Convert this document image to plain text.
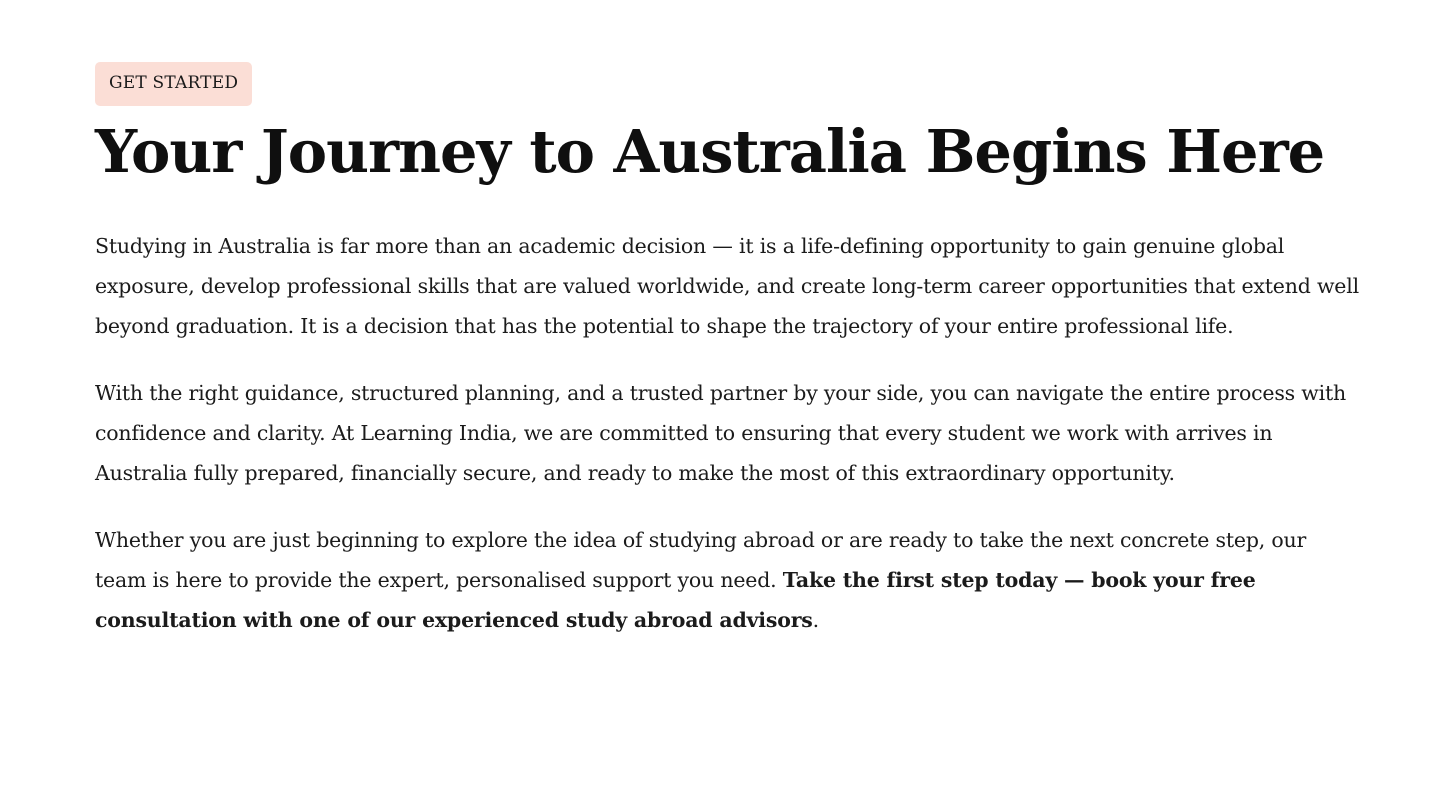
GET STARTED
Your Journey to Australia Begins Here

Studying in Australia is far more than an academic decision — it is a life-defining opportunity to gain genuine global exposure, develop professional skills that are valued worldwide, and create long-term career opportunities that extend well beyond graduation. It is a decision that has the potential to shape the trajectory of your entire professional life.

With the right guidance, structured planning, and a trusted partner by your side, you can navigate the entire process with confidence and clarity. At Learning India, we are committed to ensuring that every student we work with arrives in Australia fully prepared, financially secure, and ready to make the most of this extraordinary opportunity.

Whether you are just beginning to explore the idea of studying abroad or are ready to take the next concrete step, our team is here to provide the expert, personalised support you need. Take the first step today — book your free consultation with one of our experienced study abroad advisors.
